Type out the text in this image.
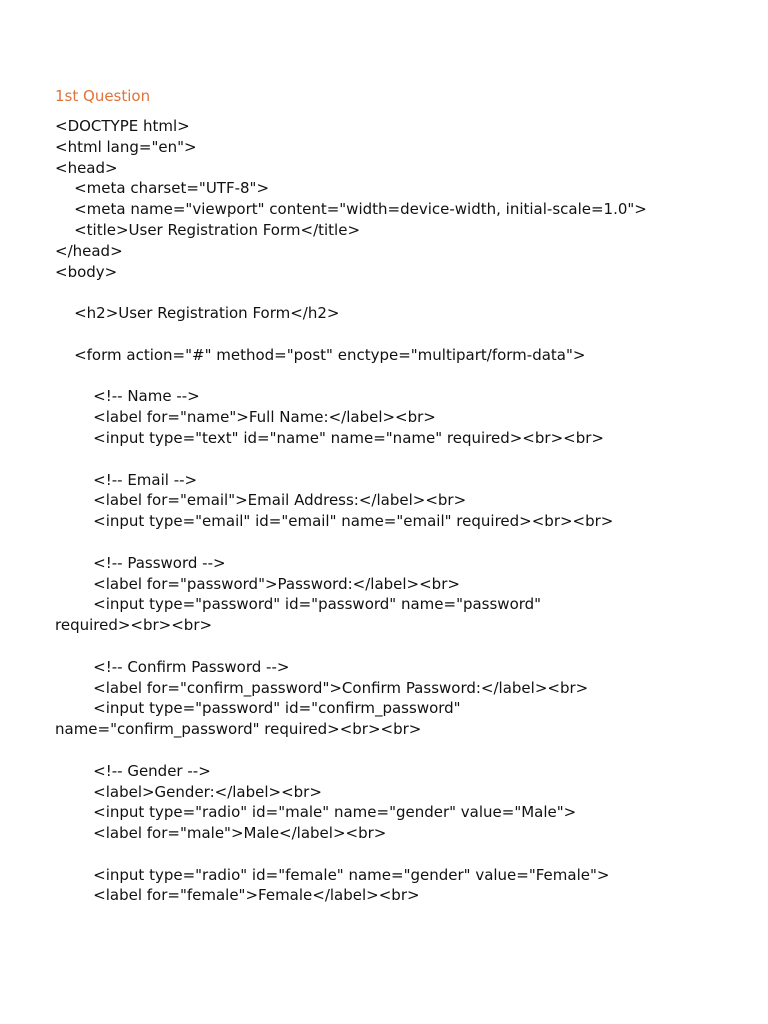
1st Question
<DOCTYPE html>
<html lang="en">
<head>
<meta charset="UTF-8">
<meta name="viewport" content="width=device-width, initial-scale=1.0">
<title>User Registration Form</title>
</head>
<body>
<h2>User Registration Form</h2>
<form action="#" method="post" enctype="multipart/form-data">
<!-- Name -->
<label for="name">Full Name:</label><br>
<input type="text" id="name" name="name" required><br><br>
<!-- Email -->
<label for="email">Email Address:</label><br>
<input type="email" id="email" name="email" required><br><br>
<!-- Password -->
<label for="password">Password:</label><br>
<input type="password" id="password" name="password"
required><br><br>
<!-- Confirm Password -->
<label for="confirm_password">Confirm Password:</label><br>
<input type="password" id="confirm_password"
name="confirm_password" required><br><br>
<!-- Gender -->
<label>Gender:</label><br>
<input type="radio" id="male" name="gender" value="Male">
<label for="male">Male</label><br>
<input type="radio" id="female" name="gender" value="Female">
<label for="female">Female</label><br>
